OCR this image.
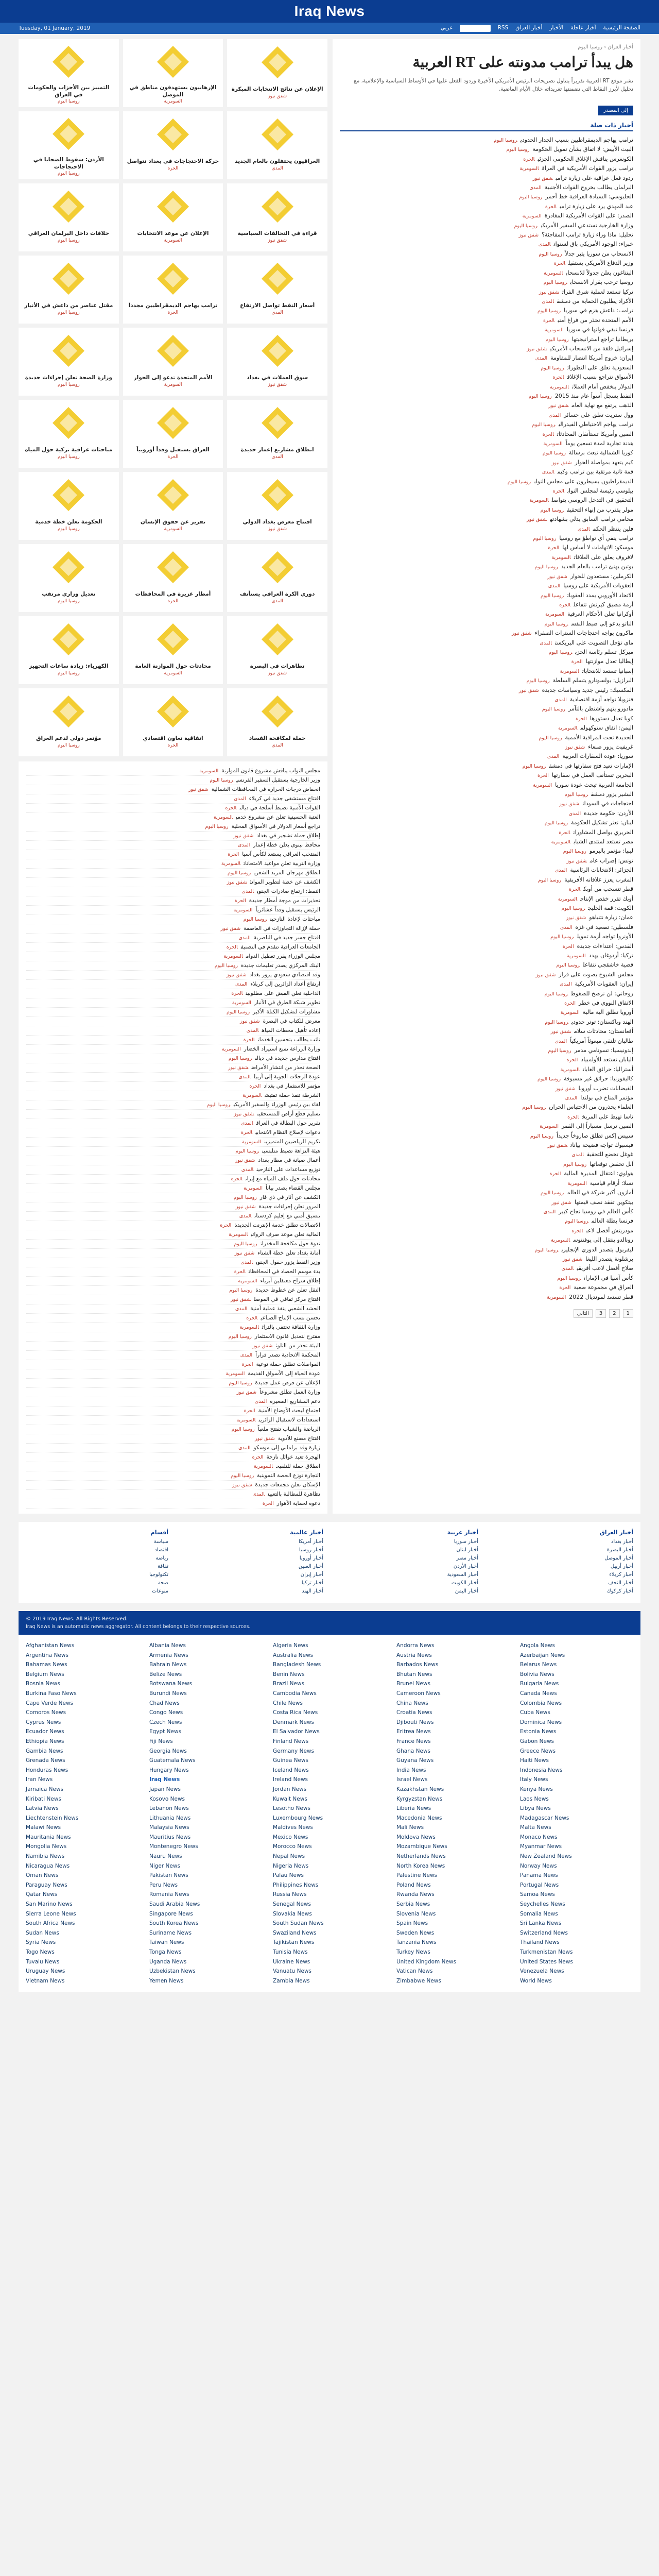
Iraq News
Tuesday, 01 January, 2019	الصفحة الرئيسية
أخبار عاجلة
الأخبار
أخبار العراق
RSS
English
عربي
التمييز بين الأحزاب والحكومات في العراق
روسيا اليوم
الإرهابيون يستهدفون مناطق في الموصل
السومرية
الإعلان عن نتائج الانتخابات المبكرة
شفق نيوز
الأردن: سقوط الضحايا في الاحتجاجات
روسيا اليوم
حركة الاحتجاجات في بغداد تتواصل
الحرة
العراقيون يحتفلون بالعام الجديد
المدى
خلافات داخل البرلمان العراقي
روسيا اليوم
الإعلان عن موعد الانتخابات
السومرية
قراءة في التحالفات السياسية
شفق نيوز
مقتل عناصر من داعش في الأنبار
روسيا اليوم
ترامب يهاجم الديمقراطيين مجدداً
الحرة
أسعار النفط تواصل الارتفاع
المدى
وزارة الصحة تعلن إجراءات جديدة
روسيا اليوم
الأمم المتحدة تدعو إلى الحوار
السومرية
سوق العملات في بغداد
شفق نيوز
مباحثات عراقية تركية حول المياه
روسيا اليوم
العراق يستقبل وفداً أوروبياً
الحرة
انطلاق مشاريع إعمار جديدة
المدى
الحكومة تعلن خطة خدمية
روسيا اليوم
تقرير عن حقوق الإنسان
السومرية
افتتاح معرض بغداد الدولي
شفق نيوز
تعديل وزاري مرتقب
روسيا اليوم
أمطار غزيرة في المحافظات
الحرة
دوري الكرة العراقي يستأنف
المدى
الكهرباء: زيادة ساعات التجهيز
روسيا اليوم
محادثات حول الموازنة العامة
السومرية
تظاهرات في البصرة
شفق نيوز
مؤتمر دولي لدعم العراق
روسيا اليوم
اتفاقية تعاون اقتصادي
الحرة
حملة لمكافحة الفساد
المدى
مجلس النواب يناقش مشروع قانون الموازنةالسومرية
وزير الخارجية يستقبل السفير الفرنسيروسيا اليوم
انخفاض درجات الحرارة في المحافظات الشماليةشفق نيوز
افتتاح مستشفى جديد في كربلاءالمدى
القوات الأمنية تضبط أسلحة في ديالىالحرة
العتبة الحسينية تعلن عن مشروع خدميالسومرية
تراجع أسعار الدولار في الأسواق المحليةروسيا اليوم
إطلاق حملة تشجير في بغدادشفق نيوز
محافظ نينوى يعلن خطة إعمارالمدى
المنتخب العراقي يستعد لكأس آسياالحرة
وزارة التربية تعلن مواعيد الامتحاناتالسومرية
انطلاق مهرجان المربد الشعريروسيا اليوم
الكشف عن خطة لتطوير الموانئشفق نيوز
النفط: ارتفاع صادرات الجنوبالمدى
تحذيرات من موجة أمطار جديدةالحرة
الرئيس يستقبل وفداً عشائرياًالسومرية
مباحثات لإعادة النازحينروسيا اليوم
حملة لإزالة التجاوزات في العاصمةشفق نيوز
افتتاح جسر جديد في الناصريةالمدى
الجامعات العراقية تتقدم في التصنيفالحرة
مجلس الوزراء يقرر تعطيل الدوامالسومرية
البنك المركزي يصدر تعليمات جديدةروسيا اليوم
وفد اقتصادي سعودي يزور بغدادشفق نيوز
ارتفاع أعداد الزائرين إلى كربلاءالمدى
الداخلية تعلن القبض على مطلوبينالحرة
تطوير شبكة الطرق في الأنبارالسومرية
مشاورات لتشكيل الكتلة الأكبرروسيا اليوم
معرض للكتاب في البصرةشفق نيوز
إعادة تأهيل محطات المياهالمدى
نائب يطالب بتحسين الخدماتالحرة
وزارة الزراعة تمنع استيراد الخضارالسومرية
افتتاح مدارس جديدة في ديالىروسيا اليوم
الصحة تحذر من انتشار الأمراضشفق نيوز
عودة الرحلات الجوية إلى أربيلالمدى
مؤتمر للاستثمار في بغدادالحرة
الشرطة تنفذ حملة تفتيشالسومرية
لقاء بين رئيس الوزراء والسفير الأمريكيروسيا اليوم
تسليم قطع أراض للمستحقينشفق نيوز
تقرير حول البطالة في العراقالمدى
دعوات لإصلاح النظام الانتخابيالحرة
تكريم الرياضيين المتميزينالسومرية
هيئة النزاهة تضبط متلبسينروسيا اليوم
أعمال صيانة في مطار بغدادشفق نيوز
توزيع مساعدات على النازحينالمدى
محادثات حول ملف المياه مع إيرانالحرة
مجلس القضاء يصدر بياناًالسومرية
الكشف عن آثار في ذي قارروسيا اليوم
المرور تعلن إجراءات جديدةشفق نيوز
تنسيق أمني مع إقليم كردستانالمدى
الاتصالات تطلق خدمة الإنترنت الجديدةالحرة
المالية تعلن موعد صرف الرواتبالسومرية
ندوة حول مكافحة المخدراتروسيا اليوم
أمانة بغداد تعلن خطة الشتاءشفق نيوز
وزير النفط يزور حقول الجنوبالمدى
بدء موسم الحصاد في المحافظاتالحرة
إطلاق سراح معتقلين أبرياءالسومرية
النقل تعلن عن خطوط جديدةروسيا اليوم
افتتاح مركز ثقافي في الموصلشفق نيوز
الحشد الشعبي ينفذ عملية أمنيةالمدى
تحسن نسب الإنتاج الصناعيالحرة
وزارة الثقافة تحتفي بالتراثالسومرية
مقترح لتعديل قانون الاستثمارروسيا اليوم
البيئة تحذر من التلوثشفق نيوز
المحكمة الاتحادية تصدر قراراًالمدى
المواصلات تطلق حملة توعيةالحرة
عودة الحياة إلى الأسواق القديمةالسومرية
الإعلان عن فرص عمل جديدةروسيا اليوم
وزارة العمل تطلق مشروعاًشفق نيوز
دعم المشاريع الصغيرةالمدى
اجتماع لبحث الأوضاع الأمنيةالحرة
استعدادات لاستقبال الزائرينالسومرية
الرياضة والشباب تفتتح ملعباًروسيا اليوم
افتتاح مصنع للأدويةشفق نيوز
زيارة وفد برلماني إلى موسكوالمدى
الهجرة تعيد عوائل نازحةالحرة
انطلاق حملة للتلقيحالسومرية
التجارة توزع الحصة التموينيةروسيا اليوم
الإسكان تعلن مجمعات جديدةشفق نيوز
تظاهرة للمطالبة بالتعيينالمدى
دعوة لحماية الأهوارالحرة
أخبار العراق › روسيا اليوم
هل يبدأ ترامب مدونته على RT العربية

نشر موقع RT العربية تقريراً يتناول تصريحات الرئيس الأمريكي الأخيرة وردود الفعل عليها في الأوساط السياسية والإعلامية، مع تحليل لأبرز النقاط التي تضمنتها تغريداته خلال الأيام الماضية.

إلى المصدر
أخبار ذات صلة
ترامب يهاجم الديمقراطيين بسبب الجدار الحدوديروسيا اليوم
البيت الأبيض: لا اتفاق بشأن تمويل الحكومةروسيا اليوم
الكونغرس يناقش الإغلاق الحكومي الجزئيالحرة
ترامب يزور القوات الأمريكية في العراقالسومرية
ردود فعل عراقية على زيارة ترامبشفق نيوز
البرلمان يطالب بخروج القوات الأجنبيةالمدى
الحلبوسي: السيادة العراقية خط أحمرروسيا اليوم
عبد المهدي يرد على زيارة ترامبالحرة
الصدر: على القوات الأمريكية المغادرةالسومرية
وزارة الخارجية تستدعي السفير الأمريكيروسيا اليوم
تحليل: ماذا وراء زيارة ترامب المفاجئة؟شفق نيوز
خبراء: الوجود الأمريكي باق لسنواتالمدى
الانسحاب من سوريا يثير جدلاًروسيا اليوم
وزير الدفاع الأمريكي يستقيلالحرة
البنتاغون يعلن جدولاً للانسحابالسومرية
روسيا ترحب بقرار الانسحابروسيا اليوم
تركيا تستعد لعملية شرق الفراتشفق نيوز
الأكراد يطلبون الحماية من دمشقالمدى
ترامب: داعش هزم في سورياروسيا اليوم
الأمم المتحدة تحذر من فراغ أمنيالحرة
فرنسا تبقي قواتها في سورياالسومرية
بريطانيا تراجع استراتيجيتهاروسيا اليوم
إسرائيل قلقة من الانسحاب الأمريكيشفق نيوز
إيران: خروج أمريكا انتصار للمقاومةالمدى
السعودية تعلق على التطوراتروسيا اليوم
الأسواق تتراجع بسبب الإغلاقالحرة
الدولار ينخفض أمام العملاتالسومرية
النفط يسجل أسوأ عام منذ 2015روسيا اليوم
الذهب يرتفع مع نهاية العامشفق نيوز
وول ستريت تغلق على خسائرالمدى
ترامب يهاجم الاحتياطي الفيدراليروسيا اليوم
الصين وأمريكا تستأنفان المحادثاتالحرة
هدنة تجارية لمدة تسعين يوماًالسومرية
كوريا الشمالية تبعث برسالةروسيا اليوم
كيم يتعهد بمواصلة الحوارشفق نيوز
قمة ثانية مرتقبة بين ترامب وكيمالمدى
الديمقراطيون يسيطرون على مجلس النوابروسيا اليوم
بيلوسي رئيسة لمجلس النوابالحرة
التحقيق في التدخل الروسي يتواصلالسومرية
مولر يقترب من إنهاء التحقيقروسيا اليوم
محامي ترامب السابق يدلي بشهادتهشفق نيوز
فلين ينتظر الحكمالمدى
ترامب ينفي أي تواطؤ مع روسياروسيا اليوم
موسكو: الاتهامات لا أساس لهاالحرة
لافروف يعلق على العلاقاتالسومرية
بوتين يهنئ ترامب بالعام الجديدروسيا اليوم
الكرملين: مستعدون للحوارشفق نيوز
العقوبات الأمريكية على روسياالمدى
الاتحاد الأوروبي يمدد العقوباتروسيا اليوم
أزمة مضيق كيرتش تتفاعلالحرة
أوكرانيا تعلن الأحكام العرفيةالسومرية
الناتو يدعو إلى ضبط النفسروسيا اليوم
ماكرون يواجه احتجاجات السترات الصفراءشفق نيوز
ماي تؤجل التصويت على البريكستالمدى
ميركل تسلم رئاسة الحزبروسيا اليوم
إيطاليا تعدل موازنتهاالحرة
إسبانيا تستعد للانتخاباتالسومرية
البرازيل: بولسونارو يتسلم السلطةروسيا اليوم
المكسيك: رئيس جديد وسياسات جديدةشفق نيوز
فنزويلا تواجه أزمة اقتصاديةالمدى
مادورو يتهم واشنطن بالتآمرروسيا اليوم
كوبا تعدل دستورهاالحرة
اليمن: اتفاق ستوكهولمالسومرية
الحديدة تحت المراقبة الأمميةروسيا اليوم
غريفيث يزور صنعاءشفق نيوز
سوريا: عودة السفارات العربيةالمدى
الإمارات تعيد فتح سفارتها في دمشقروسيا اليوم
البحرين تستأنف العمل في سفارتهاالحرة
الجامعة العربية تبحث عودة سورياالسومرية
البشير يزور دمشقروسيا اليوم
احتجاجات في السودانشفق نيوز
الأردن: حكومة جديدةالمدى
لبنان: تعثر تشكيل الحكومةروسيا اليوم
الحريري يواصل المشاوراتالحرة
مصر تستعد لمنتدى الشبابالسومرية
ليبيا: مؤتمر باليرموروسيا اليوم
تونس: إضراب عامشفق نيوز
الجزائر: الانتخابات الرئاسيةالمدى
المغرب يعزز علاقاته الأفريقيةروسيا اليوم
قطر تنسحب من أوبكالحرة
أوبك تقرر خفض الإنتاجالسومرية
الكويت: قمة الخليجروسيا اليوم
عمان: زيارة نتنياهوشفق نيوز
فلسطين: تصعيد في غزةالمدى
الأونروا تواجه أزمة تمويلروسيا اليوم
القدس: اعتداءات جديدةالحرة
تركيا: أردوغان يهددالسومرية
قضية خاشقجي تتفاعلروسيا اليوم
مجلس الشيوخ يصوت على قرارشفق نيوز
إيران: العقوبات الأمريكيةالمدى
روحاني: لن نرضخ للضغوطروسيا اليوم
الاتفاق النووي في خطرالحرة
أوروبا تطلق آلية ماليةالسومرية
الهند وباكستان: توتر حدوديروسيا اليوم
أفغانستان: محادثات سلامشفق نيوز
طالبان تلتقي مبعوثاً أمريكياًالمدى
إندونيسيا: تسونامي مدمرروسيا اليوم
اليابان تستعد للأولمبيادالحرة
أستراليا: حرائق الغاباتالسومرية
كاليفورنيا: حرائق غير مسبوقةروسيا اليوم
الفيضانات تضرب أوروباشفق نيوز
مؤتمر المناخ في بولنداالمدى
العلماء يحذرون من الاحتباس الحراريروسيا اليوم
ناسا تهبط على المريخالحرة
الصين ترسل مسباراً إلى القمرالسومرية
سبيس إكس تطلق صاروخاً جديداًروسيا اليوم
فيسبوك تواجه فضيحة بياناتشفق نيوز
غوغل تخضع للتحقيقالمدى
آبل تخفض توقعاتهاروسيا اليوم
هواوي: اعتقال المديرة الماليةالحرة
تسلا: أرقام قياسيةالسومرية
أمازون أكبر شركة في العالمروسيا اليوم
بيتكوين تفقد نصف قيمتهاشفق نيوز
كأس العالم في روسيا نجاح كبيرالمدى
فرنسا بطلة العالمروسيا اليوم
مودريتش أفضل لاعبالحرة
رونالدو ينتقل إلى يوفنتوسالسومرية
ليفربول يتصدر الدوري الإنجليزيروسيا اليوم
برشلونة يتصدر الليغاشفق نيوز
صلاح أفضل لاعب أفريقيالمدى
كأس آسيا في الإماراتروسيا اليوم
العراق في مجموعة صعبةالحرة
قطر تستعد لمونديال 2022السومرية
1
2
3
التالي
أخبار العراق
أخبار بغداد
أخبار البصرة
أخبار الموصل
أخبار أربيل
أخبار كربلاء
أخبار النجف
أخبار كركوك
أخبار عربية
أخبار سوريا
أخبار لبنان
أخبار مصر
أخبار الأردن
أخبار السعودية
أخبار الكويت
أخبار اليمن
أخبار عالمية
أخبار أمريكا
أخبار روسيا
أخبار أوروبا
أخبار الصين
أخبار إيران
أخبار تركيا
أخبار الهند
أقسام
سياسة
اقتصاد
رياضة
ثقافة
تكنولوجيا
صحة
منوعات
© 2019 Iraq News. All Rights Reserved.
Iraq News is an automatic news aggregator. All content belongs to their respective sources.
Afghanistan News	Albania News	Algeria News	Andorra News	Angola News
Argentina News	Armenia News	Australia News	Austria News	Azerbaijan News
Bahamas News	Bahrain News	Bangladesh News	Barbados News	Belarus News
Belgium News	Belize News	Benin News	Bhutan News	Bolivia News
Bosnia News	Botswana News	Brazil News	Brunei News	Bulgaria News
Burkina Faso News	Burundi News	Cambodia News	Cameroon News	Canada News
Cape Verde News	Chad News	Chile News	China News	Colombia News
Comoros News	Congo News	Costa Rica News	Croatia News	Cuba News
Cyprus News	Czech News	Denmark News	Djibouti News	Dominica News
Ecuador News	Egypt News	El Salvador News	Eritrea News	Estonia News
Ethiopia News	Fiji News	Finland News	France News	Gabon News
Gambia News	Georgia News	Germany News	Ghana News	Greece News
Grenada News	Guatemala News	Guinea News	Guyana News	Haiti News
Honduras News	Hungary News	Iceland News	India News	Indonesia News
Iran News	Iraq News	Ireland News	Israel News	Italy News
Jamaica News	Japan News	Jordan News	Kazakhstan News	Kenya News
Kiribati News	Kosovo News	Kuwait News	Kyrgyzstan News	Laos News
Latvia News	Lebanon News	Lesotho News	Liberia News	Libya News
Liechtenstein News	Lithuania News	Luxembourg News	Macedonia News	Madagascar News
Malawi News	Malaysia News	Maldives News	Mali News	Malta News
Mauritania News	Mauritius News	Mexico News	Moldova News	Monaco News
Mongolia News	Montenegro News	Morocco News	Mozambique News	Myanmar News
Namibia News	Nauru News	Nepal News	Netherlands News	New Zealand News
Nicaragua News	Niger News	Nigeria News	North Korea News	Norway News
Oman News	Pakistan News	Palau News	Palestine News	Panama News
Paraguay News	Peru News	Philippines News	Poland News	Portugal News
Qatar News	Romania News	Russia News	Rwanda News	Samoa News
San Marino News	Saudi Arabia News	Senegal News	Serbia News	Seychelles News
Sierra Leone News	Singapore News	Slovakia News	Slovenia News	Somalia News
South Africa News	South Korea News	South Sudan News	Spain News	Sri Lanka News
Sudan News	Suriname News	Swaziland News	Sweden News	Switzerland News
Syria News	Taiwan News	Tajikistan News	Tanzania News	Thailand News
Togo News	Tonga News	Tunisia News	Turkey News	Turkmenistan News
Tuvalu News	Uganda News	Ukraine News	United Kingdom News	United States News
Uruguay News	Uzbekistan News	Vanuatu News	Vatican News	Venezuela News
Vietnam News	Yemen News	Zambia News	Zimbabwe News	World News
